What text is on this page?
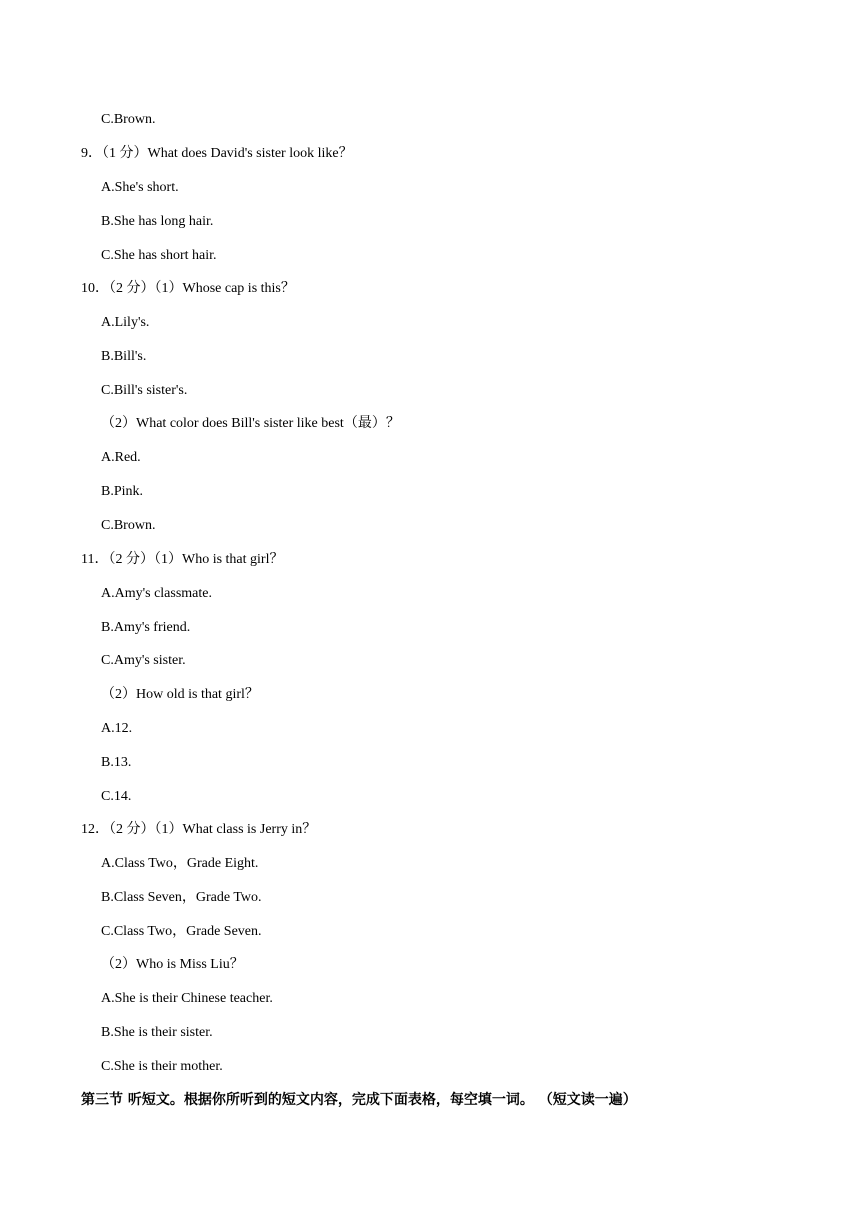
C.Brown.
9．（1 分）What does David's sister look like？
A.She's short.
B.She has long hair.
C.She has short hair.
10．（2 分）（1）Whose cap is this？
A.Lily's.
B.Bill's.
C.Bill's sister's.
（2）What color does Bill's sister like best（最）？
A.Red.
B.Pink.
C.Brown.
11．（2 分）（1）Who is that girl？
A.Amy's classmate.
B.Amy's friend.
C.Amy's sister.
（2）How old is that girl？
A.12.
B.13.
C.14.
12．（2 分）（1）What class is Jerry in？
A.Class Two，Grade Eight.
B.Class Seven，Grade Two.
C.Class Two，Grade Seven.
（2）Who is Miss Liu？
A.She is their Chinese teacher.
B.She is their sister.
C.She is their mother.
第三节 听短文。根据你所听到的短文内容，完成下面表格，每空填一词。 （短文读一遍）
